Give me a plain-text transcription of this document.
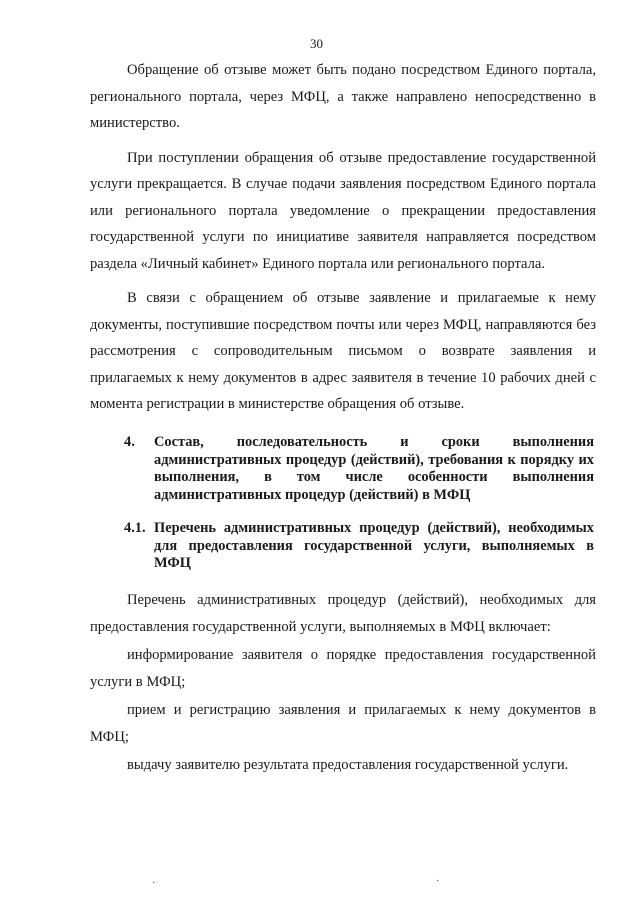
30

Обращение об отзыве может быть подано посредством Единого портала, регионального портала, через МФЦ, а также направлено непосредственно в министерство.

При поступлении обращения об отзыве предоставление государственной услуги прекращается. В случае подачи заявления посредством Единого портала или регионального портала уведомление о прекращении предоставления государственной услуги по инициативе заявителя направляется посредством раздела «Личный кабинет» Единого портала или регионального портала.

В связи с обращением об отзыве заявление и прилагаемые к нему документы, поступившие посредством почты или через МФЦ, направляются без рассмотрения с сопроводительным письмом о возврате заявления и прилагаемых к нему документов в адрес заявителя в течение 10 рабочих дней с момента регистрации в министерстве обращения об отзыве.

4. Состав, последовательность и сроки выполнения административных процедур (действий), требования к порядку их выполнения, в том числе особенности выполнения административных процедур (действий) в МФЦ
4.1. Перечень административных процедур (действий), необходимых для предоставления государственной услуги, выполняемых в МФЦ

Перечень административных процедур (действий), необходимых для предоставления государственной услуги, выполняемых в МФЦ включает:

информирование заявителя о порядке предоставления государственной услуги в МФЦ;

прием и регистрацию заявления и прилагаемых к нему документов в МФЦ;

выдачу заявителю результата предоставления государственной услуги.

·	·
